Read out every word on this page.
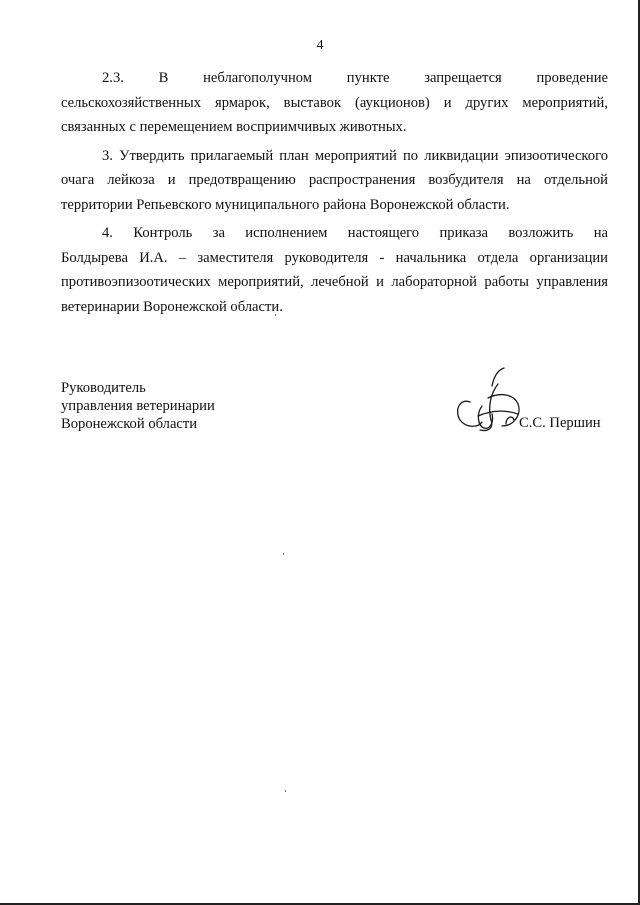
4

2.3. В неблагополучном пункте запрещается проведение
сельскохозяйственных ярмарок, выставок (аукционов) и других мероприятий,
связанных с перемещением восприимчивых животных.

3. Утвердить прилагаемый план мероприятий по ликвидации эпизоотического
очага лейкоза и предотвращению распространения возбудителя на отдельной
территории Репьевского муниципального района Воронежской области.

4. Контроль за исполнением настоящего приказа возложить на
Болдырева И.А. – заместителя руководителя - начальника отдела организации
противоэпизоотических мероприятий, лечебной и лабораторной работы управления
ветеринарии Воронежской области.

Руководитель
управления ветеринарии
Воронежской области	С.С. Першин
